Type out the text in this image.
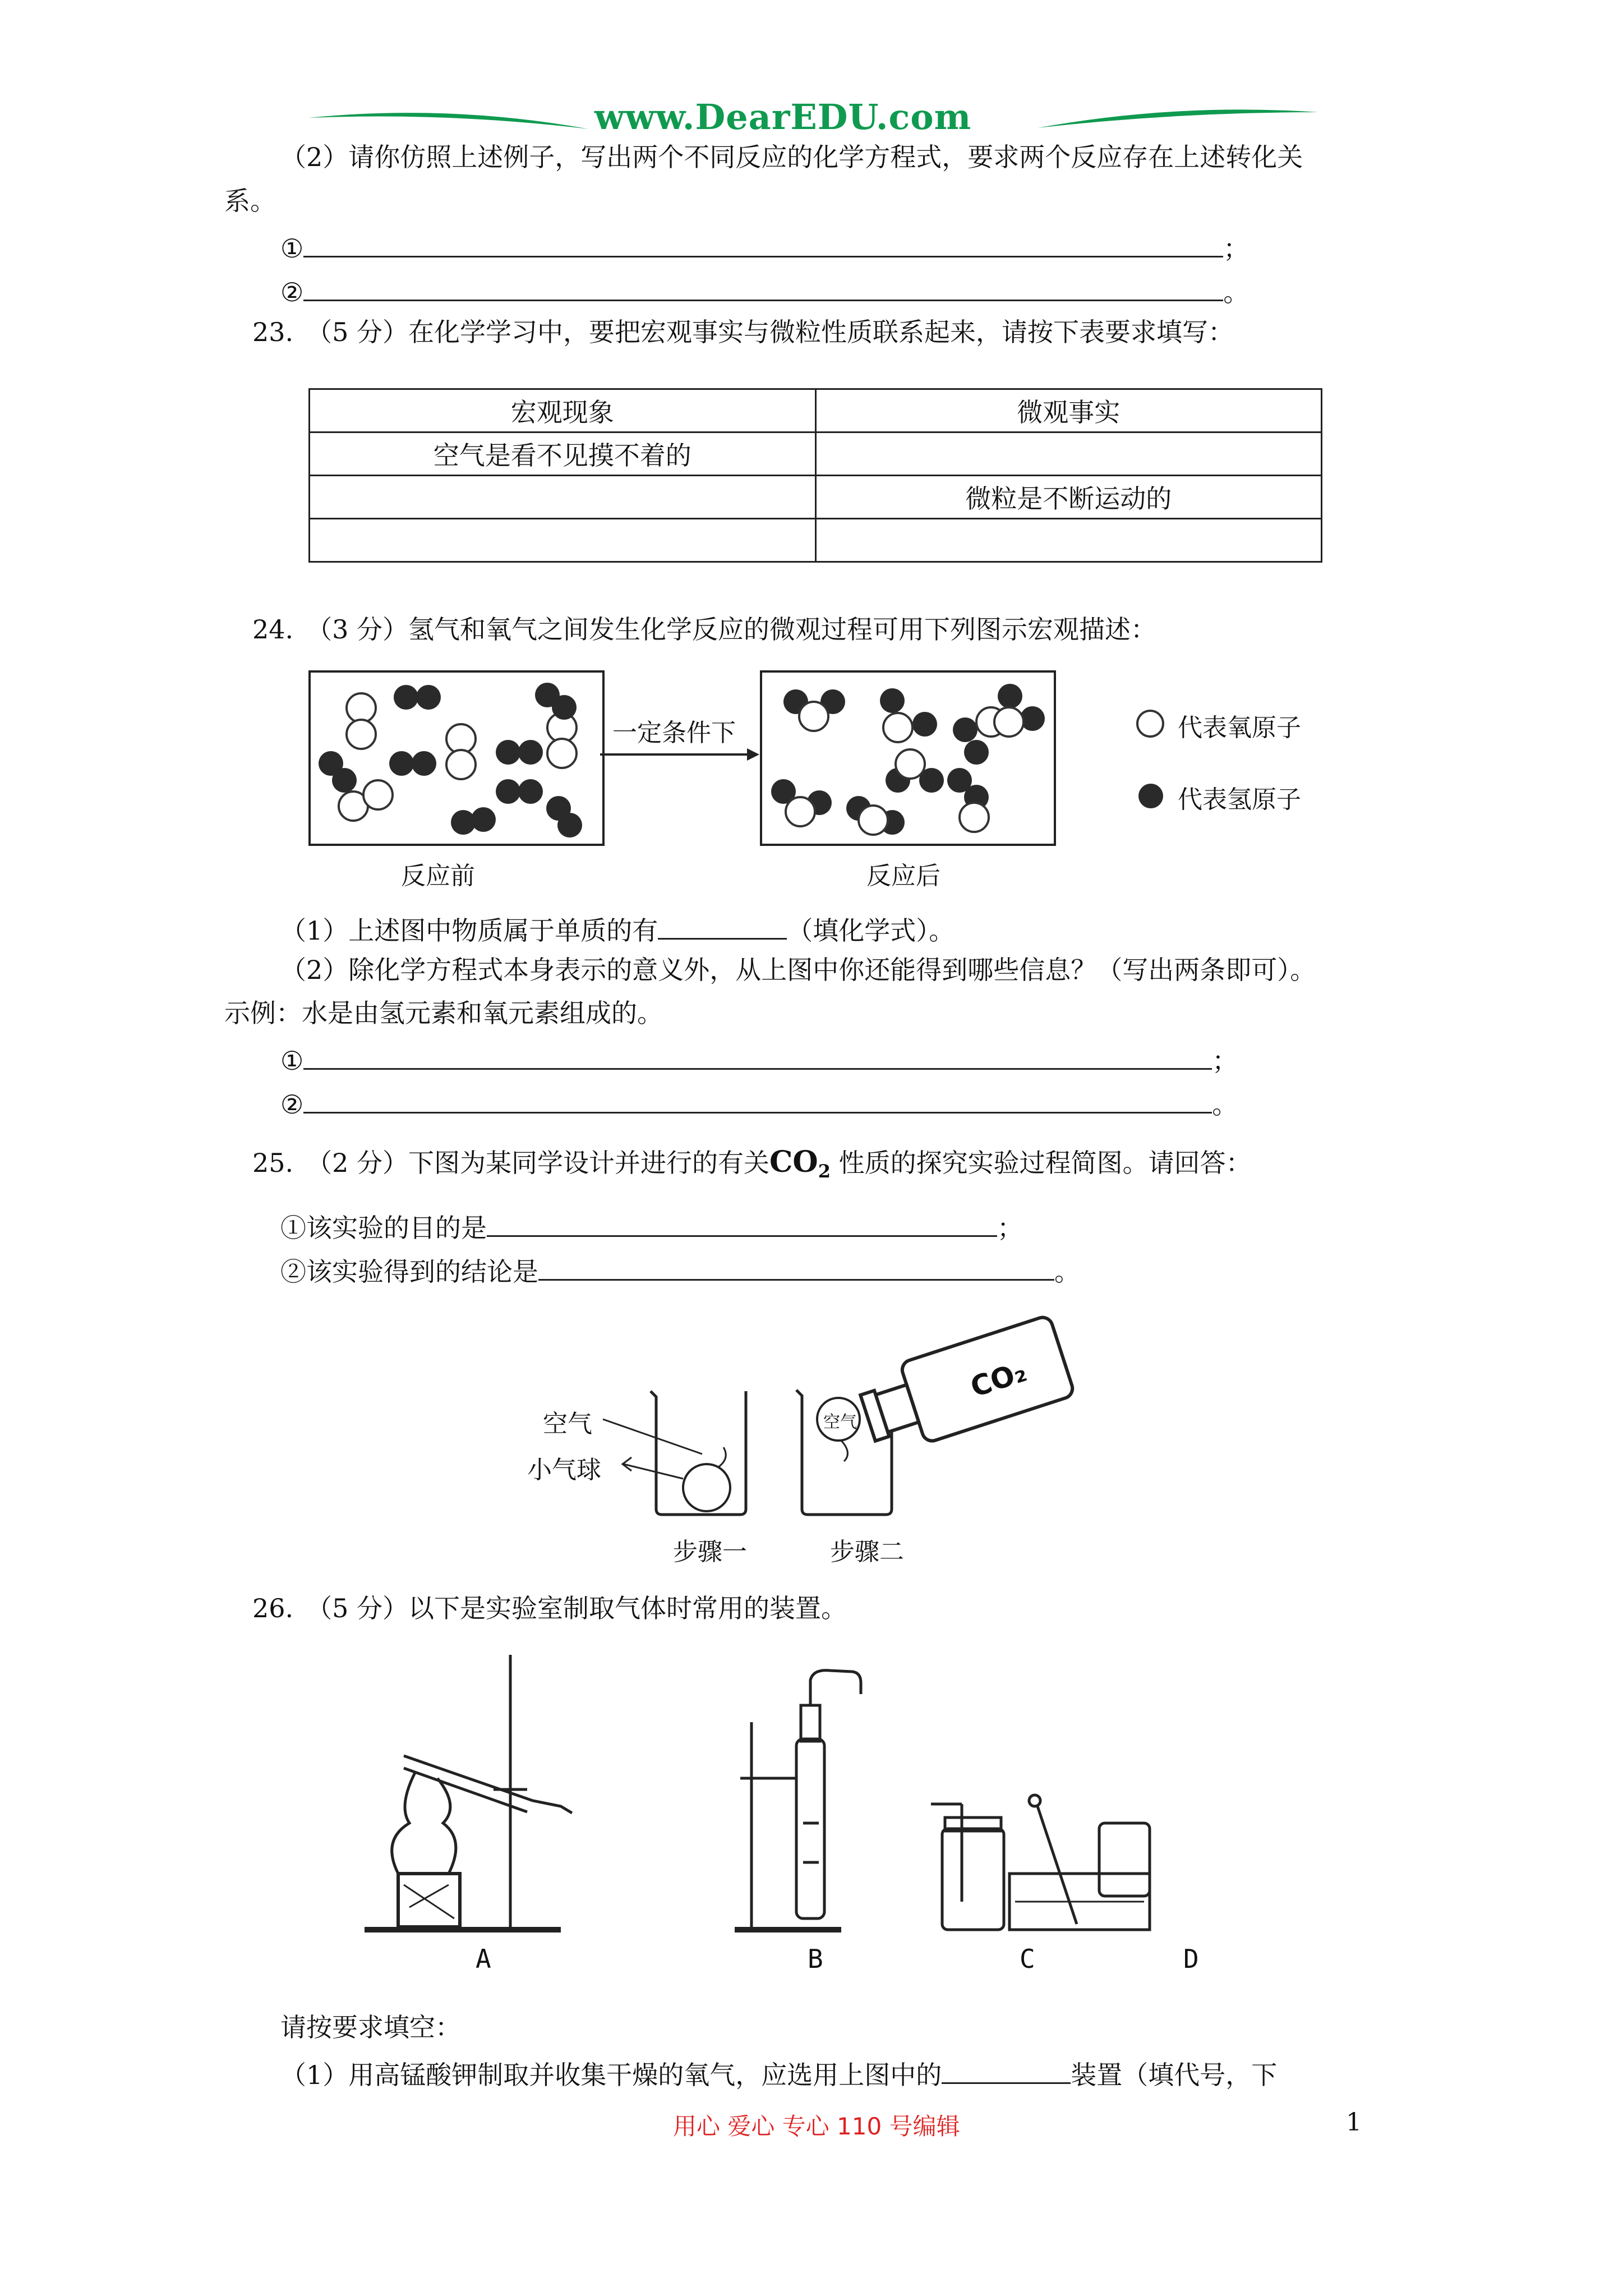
www.DearEDU.com
（2）请你仿照上述例子，写出两个不同反应的化学方程式，要求两个反应存在上述转化关
系。
①	；
②	。
23.　（5 分）在化学学习中，要把宏观事实与微粒性质联系起来，请按下表要求填写：
宏观现象	微观事实
空气是看不见摸不着的	
	微粒是不断运动的

24.　（3 分）氢气和氧气之间发生化学反应的微观过程可用下列图示宏观描述：
一定条件下
反应前	反应后
代表氧原子
代表氢原子
（1）上述图中物质属于单质的有	（填化学式）。
（2）除化学方程式本身表示的意义外，从上图中你还能得到哪些信息？（写出两条即可）。
示例：水是由氢元素和氧元素组成的。
①	；
②	。
25.　（2 分）下图为某同学设计并进行的有关$CO_2$ 性质的探究实验过程简图。请回答：
①该实验的目的是	；
②该实验得到的结论是	。
空气
小气球
空气
CO₂
步骤一	步骤二
26.　（5 分）以下是实验室制取气体时常用的装置。
A	B	C	D
请按要求填空：
（1）用高锰酸钾制取并收集干燥的氧气，应选用上图中的	装置（填代号，下
用心 爱心 专心 110 号编辑	1
